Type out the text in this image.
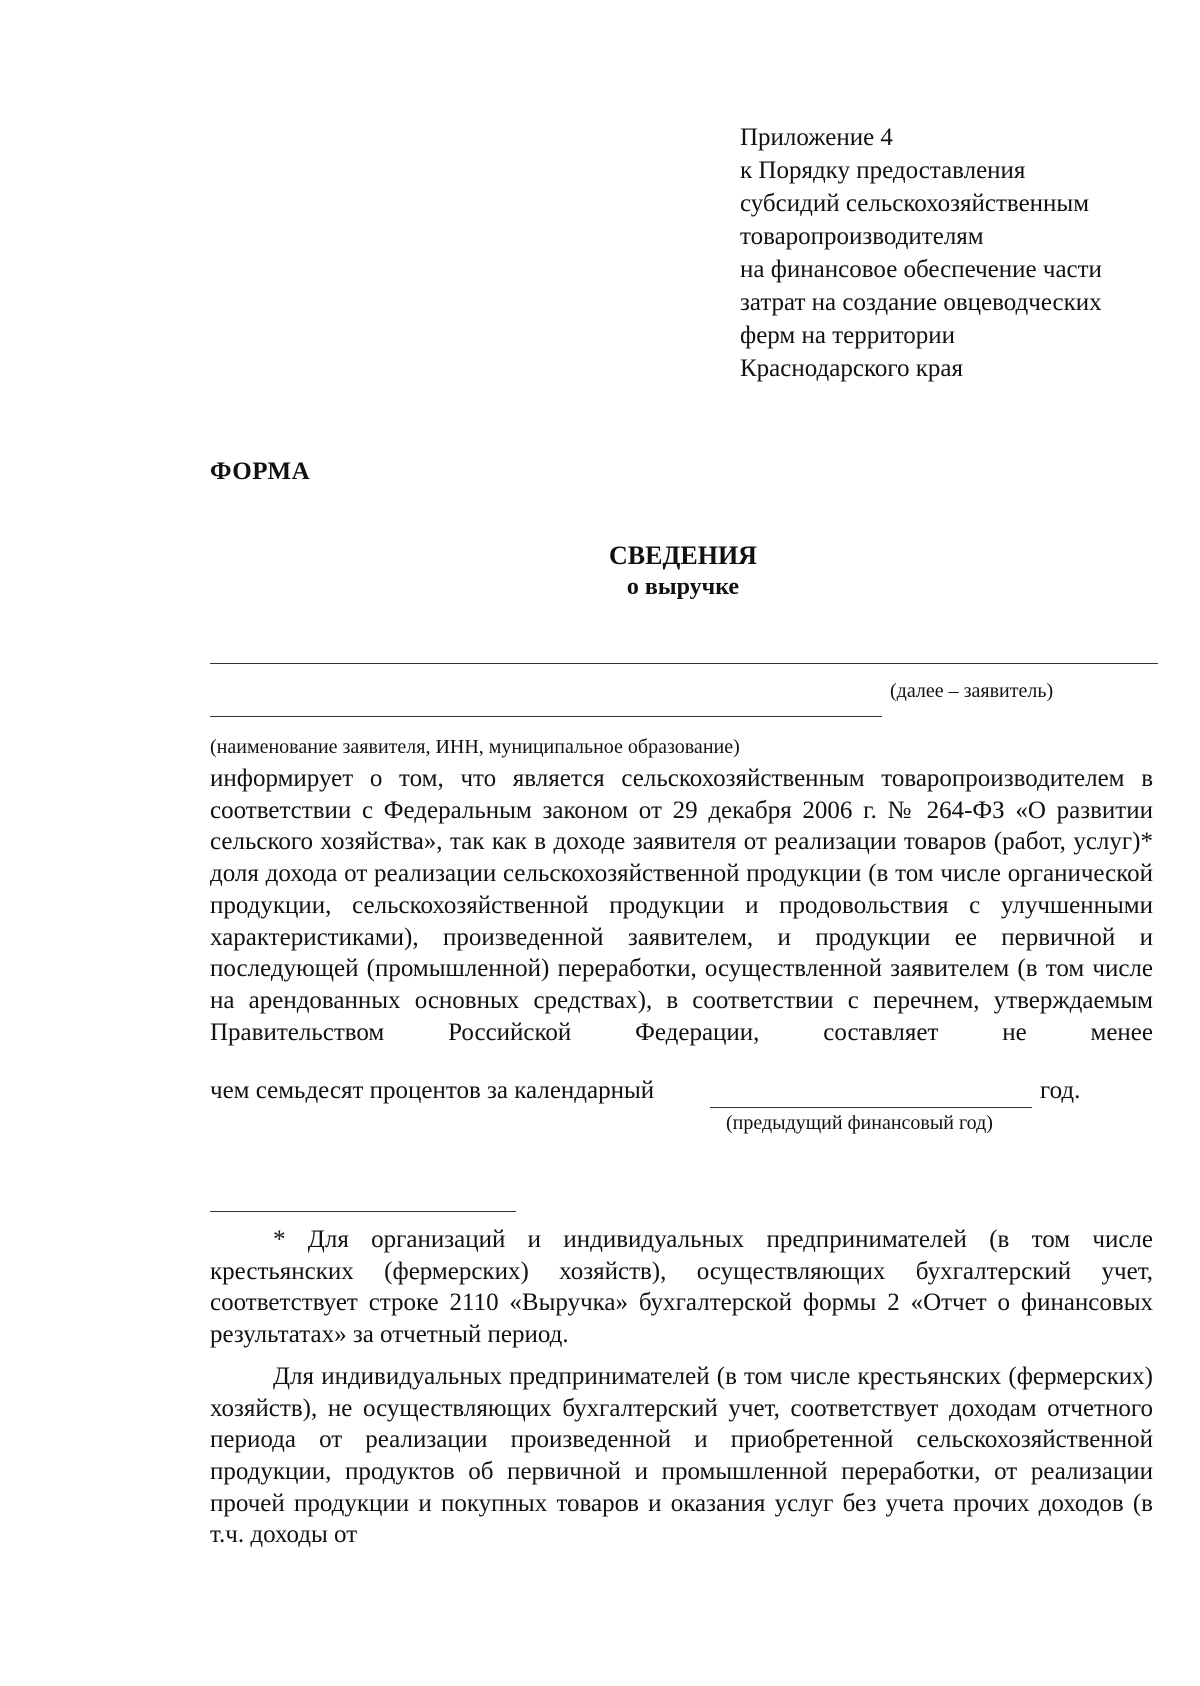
Приложение 4
к Порядку предоставления
субсидий сельскохозяйственным
товаропроизводителям
на финансовое обеспечение части
затрат на создание овцеводческих
ферм на территории
Краснодарского края
ФОРМА
СВЕДЕНИЯ
о выручке
(далее – заявитель)
(наименование заявителя, ИНН, муниципальное образование)

информирует о том, что является сельскохозяйственным товаропроизводителем в соответствии с Федеральным законом от 29 декабря 2006 г. № 264-ФЗ «О развитии сельского хозяйства», так как в доходе заявителя от реализации товаров (работ, услуг)* доля дохода от реализации сельскохозяйственной продукции (в том числе органической продукции, сельскохозяйственной продукции и продовольствия с улучшенными характеристиками), произведенной заявителем, и продукции ее первичной и последующей (промышленной) переработки, осуществленной заявителем (в том числе на арендованных основных средствах), в соответствии с перечнем, утверждаемым Правительством Российской Федерации, составляет не менее

чем семьдесят процентов за календарный	год.
(предыдущий финансовый год)

* Для организаций и индивидуальных предпринимателей (в том числе крестьянских (фермерских) хозяйств), осуществляющих бухгалтерский учет, соответствует строке 2110 «Выручка» бухгалтерской формы 2 «Отчет о финансовых результатах» за отчетный период.

Для индивидуальных предпринимателей (в том числе крестьянских (фермерских) хозяйств), не осуществляющих бухгалтерский учет, соответствует доходам отчетного периода от реализации произведенной и приобретенной сельскохозяйственной продукции, продуктов об первичной и промышленной переработки, от реализации прочей продукции и покупных товаров и оказания услуг без учета прочих доходов (в т.ч. доходы от
